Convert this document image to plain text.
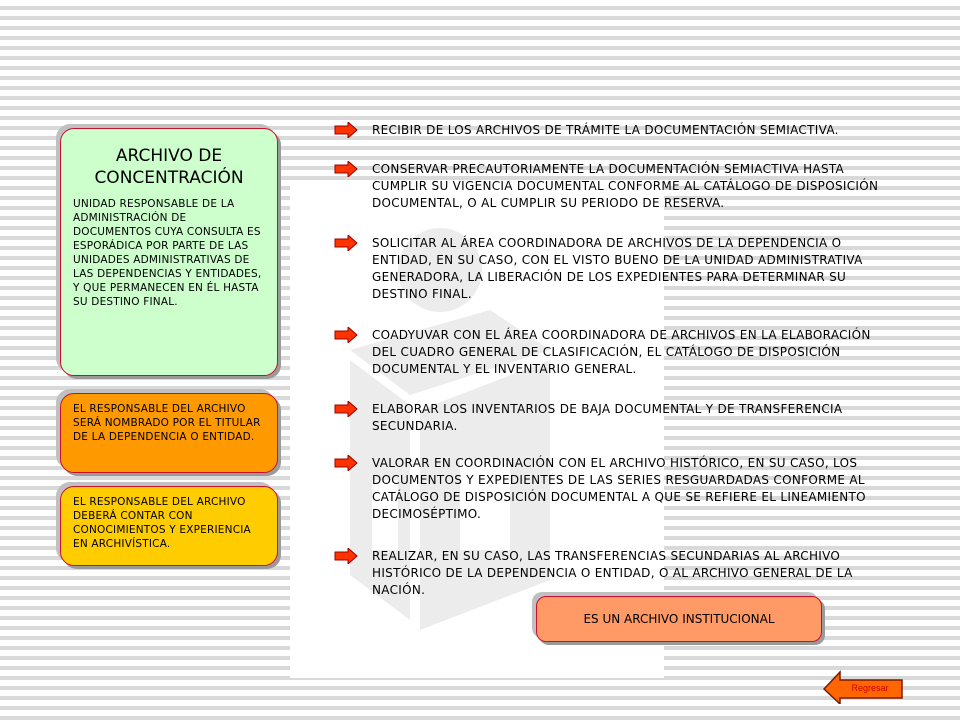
ARCHIVO DE CONCENTRACIÓN
UNIDAD RESPONSABLE DE LA ADMINISTRACIÓN DE DOCUMENTOS CUYA CONSULTA ES ESPORÁDICA POR PARTE DE LAS UNIDADES ADMINISTRATIVAS DE LAS DEPENDENCIAS Y ENTIDADES, Y QUE PERMANECEN EN ÉL HASTA SU DESTINO FINAL.
EL RESPONSABLE DEL ARCHIVO SERÁ NOMBRADO POR EL TITULAR DE LA DEPENDENCIA O ENTIDAD.
EL RESPONSABLE DEL ARCHIVO DEBERÁ CONTAR CON CONOCIMIENTOS Y EXPERIENCIA EN ARCHIVÍSTICA.
RECIBIR DE LOS ARCHIVOS DE TRÁMITE LA DOCUMENTACIÓN SEMIACTIVA.
CONSERVAR PRECAUTORIAMENTE LA DOCUMENTACIÓN SEMIACTIVA HASTA CUMPLIR SU VIGENCIA DOCUMENTAL CONFORME AL CATÁLOGO DE DISPOSICIÓN DOCUMENTAL, O AL CUMPLIR SU PERIODO DE RESERVA.
SOLICITAR AL ÁREA COORDINADORA DE ARCHIVOS DE LA DEPENDENCIA O ENTIDAD, EN SU CASO, CON EL VISTO BUENO DE LA UNIDAD ADMINISTRATIVA GENERADORA, LA LIBERACIÓN DE LOS EXPEDIENTES PARA DETERMINAR SU DESTINO FINAL.
COADYUVAR CON EL ÁREA COORDINADORA DE ARCHIVOS EN LA ELABORACIÓN DEL CUADRO GENERAL DE CLASIFICACIÓN, EL CATÁLOGO DE DISPOSICIÓN DOCUMENTAL Y EL INVENTARIO GENERAL.
ELABORAR LOS INVENTARIOS DE BAJA DOCUMENTAL Y DE TRANSFERENCIA SECUNDARIA.
VALORAR EN COORDINACIÓN CON EL ARCHIVO HISTÓRICO, EN SU CASO, LOS DOCUMENTOS Y EXPEDIENTES DE LAS SERIES RESGUARDADAS CONFORME AL CATÁLOGO DE DISPOSICIÓN DOCUMENTAL A QUE SE REFIERE EL LINEAMIENTO DECIMOSÉPTIMO.
REALIZAR, EN SU CASO, LAS TRANSFERENCIAS SECUNDARIAS AL ARCHIVO HISTÓRICO DE LA DEPENDENCIA O ENTIDAD, O AL ARCHIVO GENERAL DE LA NACIÓN.
ES UN ARCHIVO INSTITUCIONAL
Regresar
